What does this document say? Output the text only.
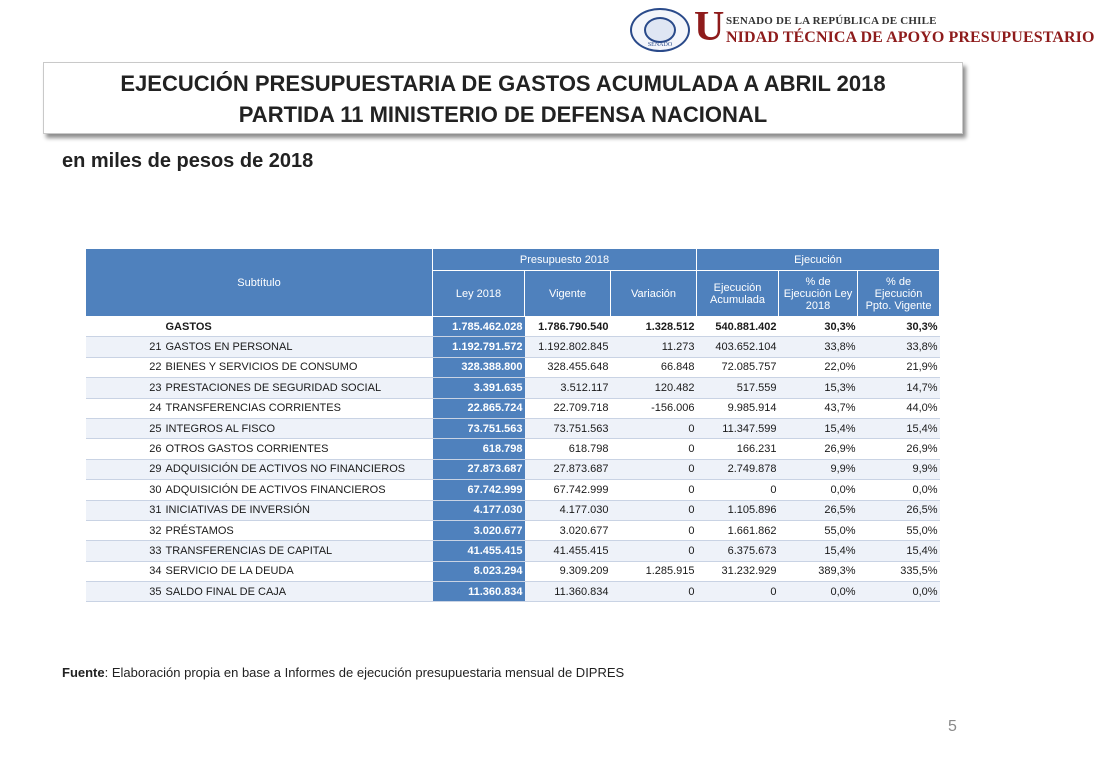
SENADO U SENADO DE LA REPÚBLICA DE CHILE
NIDAD TÉCNICA DE APOYO PRESUPUESTARIO
EJECUCIÓN PRESUPUESTARIA DE GASTOS ACUMULADA A ABRIL 2018
PARTIDA 11 MINISTERIO DE DEFENSA NACIONAL
en miles de pesos de 2018
Subtítulo		Presupuesto 2018			Ejecución		
		Ley 2018	Vigente	Variación	Ejecución Acumulada	% de Ejecución Ley 2018	% de Ejecución Ppto. Vigente
	GASTOS	1.785.462.028	1.786.790.540	1.328.512	540.881.402	30,3%	30,3%
21	GASTOS EN PERSONAL	1.192.791.572	1.192.802.845	11.273	403.652.104	33,8%	33,8%
22	BIENES Y SERVICIOS DE CONSUMO	328.388.800	328.455.648	66.848	72.085.757	22,0%	21,9%
23	PRESTACIONES DE SEGURIDAD SOCIAL	3.391.635	3.512.117	120.482	517.559	15,3%	14,7%
24	TRANSFERENCIAS CORRIENTES	22.865.724	22.709.718	-156.006	9.985.914	43,7%	44,0%
25	INTEGROS AL FISCO	73.751.563	73.751.563	0	11.347.599	15,4%	15,4%
26	OTROS GASTOS CORRIENTES	618.798	618.798	0	166.231	26,9%	26,9%
29	ADQUISICIÓN DE ACTIVOS NO FINANCIEROS	27.873.687	27.873.687	0	2.749.878	9,9%	9,9%
30	ADQUISICIÓN DE ACTIVOS FINANCIEROS	67.742.999	67.742.999	0	0	0,0%	0,0%
31	INICIATIVAS DE INVERSIÓN	4.177.030	4.177.030	0	1.105.896	26,5%	26,5%
32	PRÉSTAMOS	3.020.677	3.020.677	0	1.661.862	55,0%	55,0%
33	TRANSFERENCIAS DE CAPITAL	41.455.415	41.455.415	0	6.375.673	15,4%	15,4%
34	SERVICIO DE LA DEUDA	8.023.294	9.309.209	1.285.915	31.232.929	389,3%	335,5%
35	SALDO FINAL DE CAJA	11.360.834	11.360.834	0	0	0,0%	0,0%
Fuente: Elaboración propia en base a Informes de ejecución presupuestaria mensual de DIPRES
5
